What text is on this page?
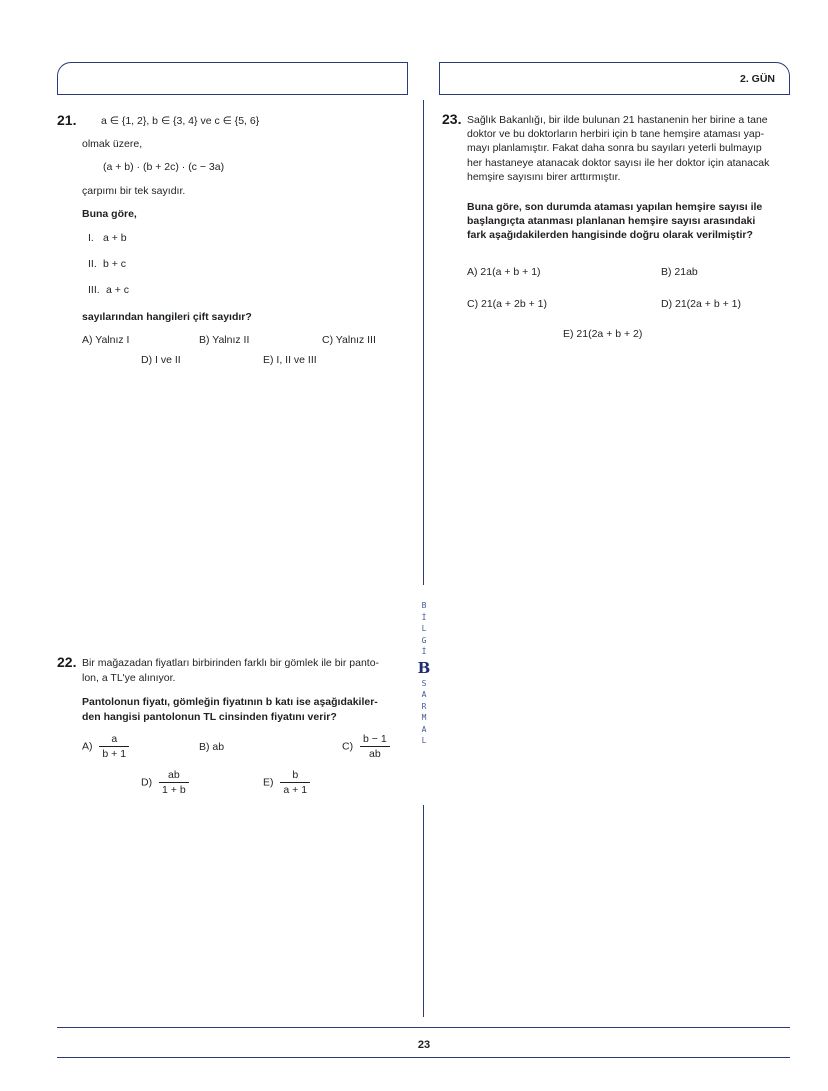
2. GÜN
B
İ
L
G
İ
B
S
A
R
M
A
L
21. a ∈ {1, 2}, b ∈ {3, 4} ve c ∈ {5, 6}
olmak üzere,
(a + b) · (b + 2c) · (c − 3a)
çarpımı bir tek sayıdır.
Buna göre,
I. a + b
II. b + c
III. a + c
sayılarından hangileri çift sayıdır?
A) Yalnız I	B) Yalnız II	C) Yalnız III
D) I ve II	E) I, II ve III
22. Bir mağazadan fiyatları birbirinden farklı bir gömlek ile bir panto-
lon, a TL'ye alınıyor.
Pantolonun fiyatı, gömleğin fiyatının b katı ise aşağıdakiler-
den hangisi pantolonun TL cinsinden fiyatını verir?
$A) \frac{a}{b + 1}$	B) ab	$C) \frac{b - 1}{ab}$
$D) \frac{ab}{1 + b}$	$E) \frac{b}{a + 1}$
23. Sağlık Bakanlığı, bir ilde bulunan 21 hastanenin her birine a tane
doktor ve bu doktorların herbiri için b tane hemşire ataması yap-
mayı planlamıştır. Fakat daha sonra bu sayıları yeterli bulmayıp
her hastaneye atanacak doktor sayısı ile her doktor için atanacak
hemşire sayısını birer arttırmıştır.
Buna göre, son durumda ataması yapılan hemşire sayısı ile
başlangıçta atanması planlanan hemşire sayısı arasındaki
fark aşağıdakilerden hangisinde doğru olarak verilmiştir?
A) 21(a + b + 1)	B) 21ab
C) 21(a + 2b + 1)	D) 21(2a + b + 1)
E) 21(2a + b + 2)
23
